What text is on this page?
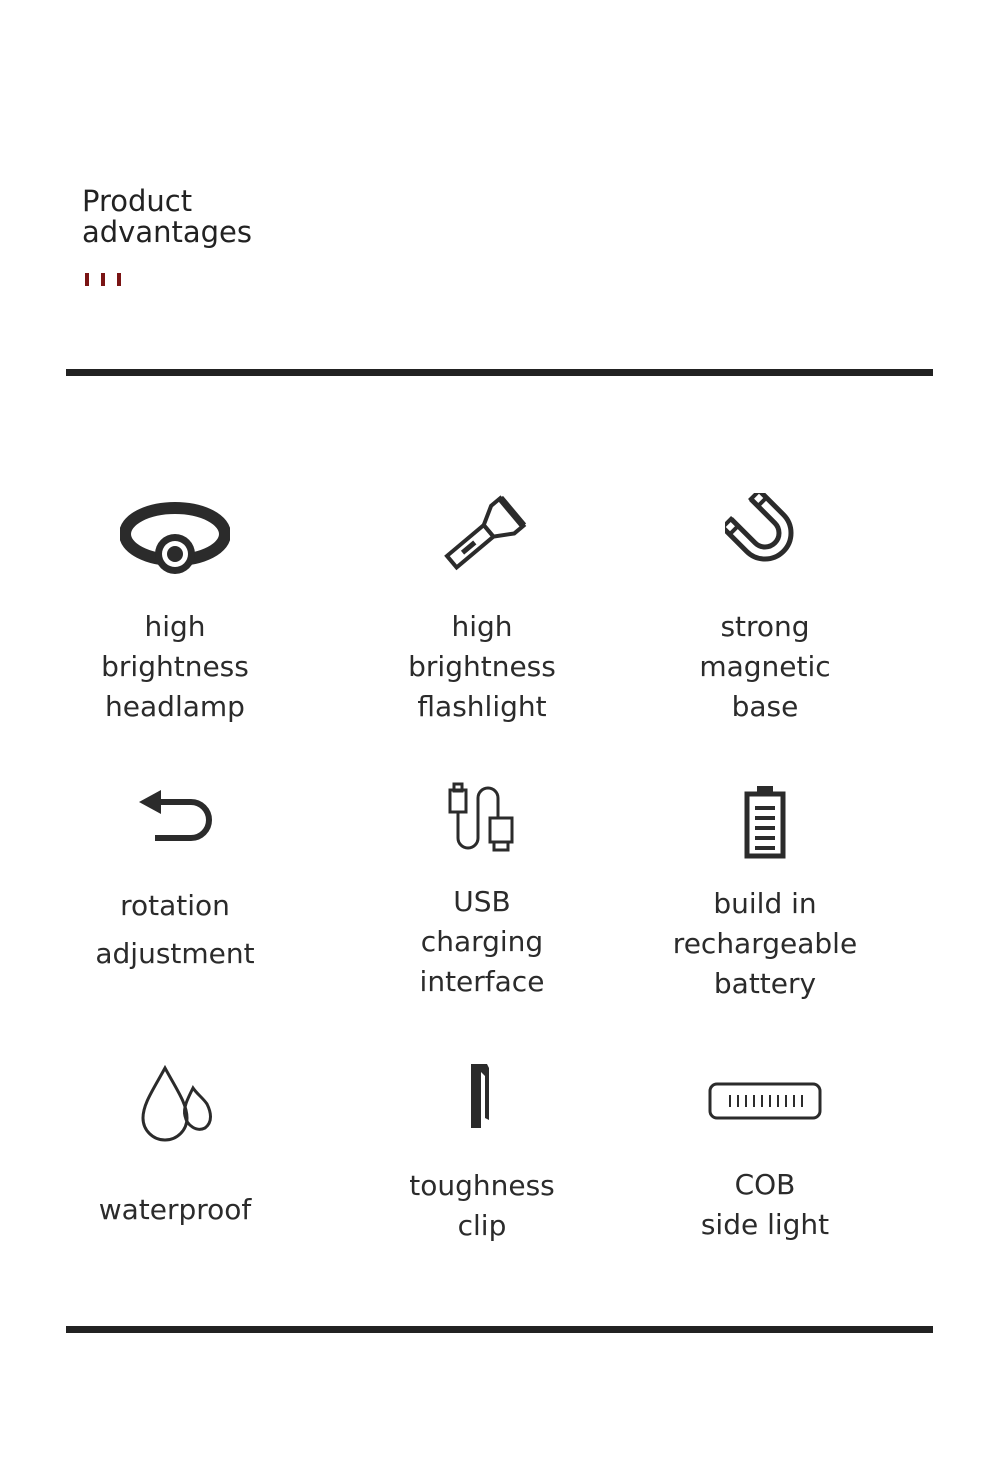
Product
advantages
high
brightness
headlamp
high
brightness
flashlight
strong
magnetic
base
rotation
adjustment
USB
charging
interface
build in
rechargeable
battery
waterproof
toughness
clip
COB
side light
